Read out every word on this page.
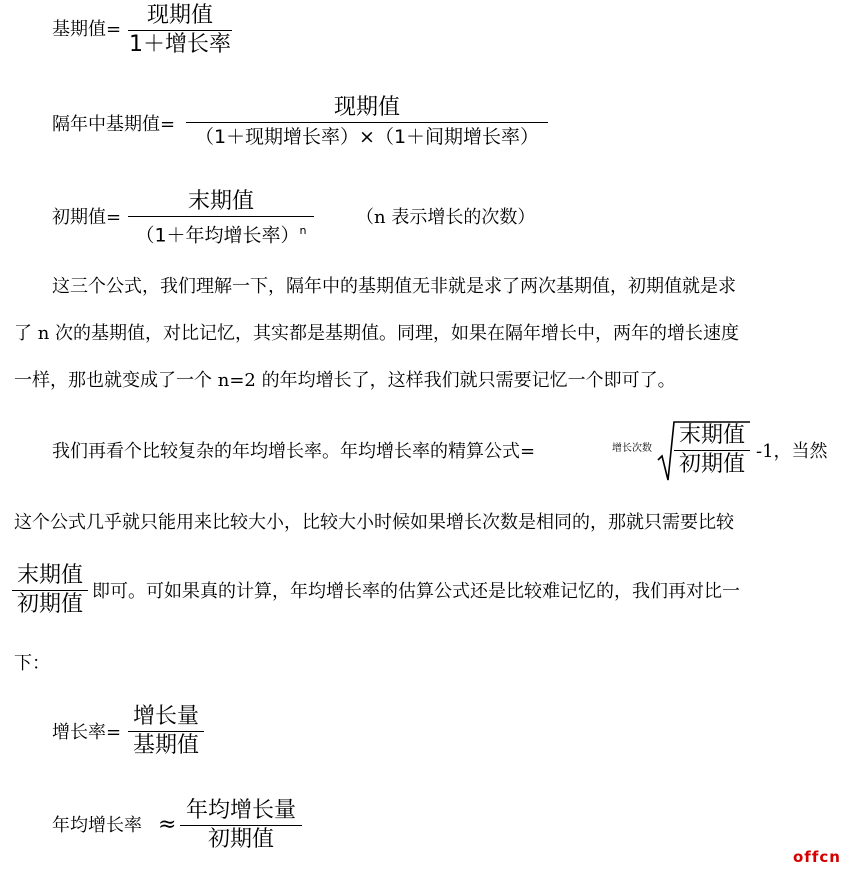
基期值=
现期值
1＋增长率
隔年中基期值=
现期值
（1＋现期增长率）×（1＋间期增长率）
初期值=
末期值
（1＋年均增长率）$^n$
（n 表示增长的次数）
这三个公式，我们理解一下，隔年中的基期值无非就是求了两次基期值，初期值就是求
了 n 次的基期值，对比记忆，其实都是基期值。同理，如果在隔年增长中，两年的增长速度
一样，那也就变成了一个 n=2 的年均增长了，这样我们就只需要记忆一个即可了。
我们再看个比较复杂的年均增长率。年均增长率的精算公式=	增长次数
末期值
初期值
-1，当然
这个公式几乎就只能用来比较大小，比较大小时候如果增长次数是相同的，那就只需要比较
末期值
初期值
即可。可如果真的计算，年均增长率的估算公式还是比较难记忆的，我们再对比一
下：
增长率=
增长量
基期值
年均增长率 ≈
年均增长量
初期值
offcn
